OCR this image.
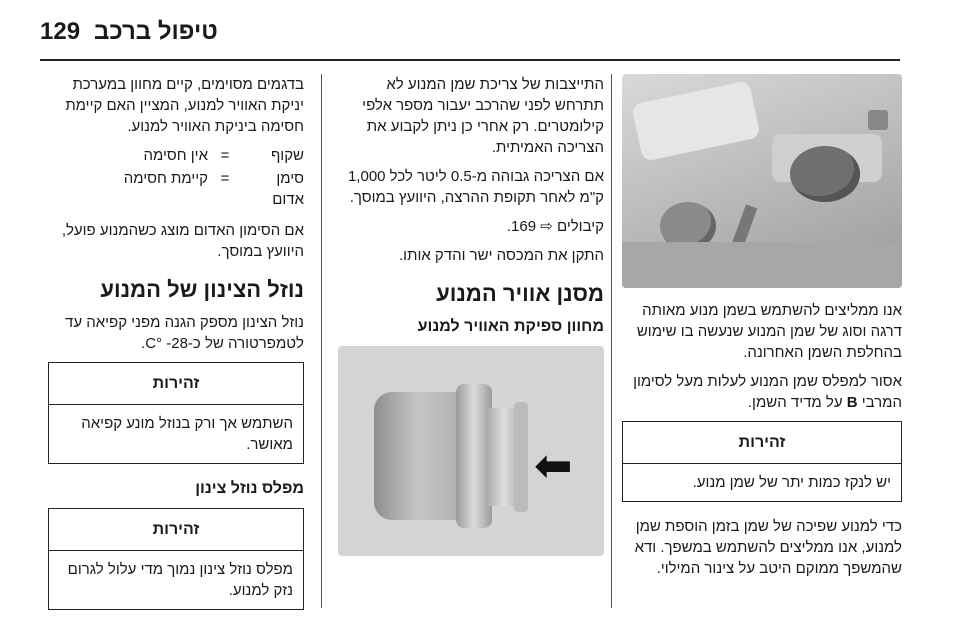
129 טיפול ברכב

אנו ממליצים להשתמש בשמן מנוע מאותה דרגה וסוג של שמן המנוע שנעשה בו שימוש בהחלפת השמן האחרונה.

אסור למפלס שמן המנוע לעלות מעל לסימון המרבי B על מדיד השמן.

זהירות
יש לנקז כמות יתר של שמן מנוע.

כדי למנוע שפיכה של שמן בזמן הוספת שמן למנוע, אנו ממליצים להשתמש במשפך. ודא שהמשפך ממוקם היטב על צינור המילוי.

התייצבות של צריכת שמן המנוע לא תתרחש לפני שהרכב יעבור מספר אלפי קילומטרים. רק אחרי כן ניתן לקבוע את הצריכה האמיתית.

אם הצריכה גבוהה מ-0.5 ליטר לכל 1,000 ק"מ לאחר תקופת ההרצה, היוועץ במוסך.

קיבולים ⇨ 169.

התקן את המכסה ישר והדק אותו.

מסנן אוויר המנוע
מחוון ספיקת האוויר למנוע
⬅

בדגמים מסוימים, קיים מחוון במערכת יניקת האוויר למנוע, המציין האם קיימת חסימה ביניקת האוויר למנוע.

שקוף
=
אין חסימה
סימן אדום
=
קיימת חסימה

אם הסימון האדום מוצג כשהמנוע פועל, היוועץ במוסך.

נוזל הצינון של המנוע

נוזל הצינון מספק הגנה מפני קפיאה עד לטמפרטורה של כ-28- °C.

זהירות
השתמש אך ורק בנוזל מונע קפיאה מאושר.
מפלס נוזל צינון
זהירות
מפלס נוזל צינון נמוך מדי עלול לגרום נזק למנוע.
